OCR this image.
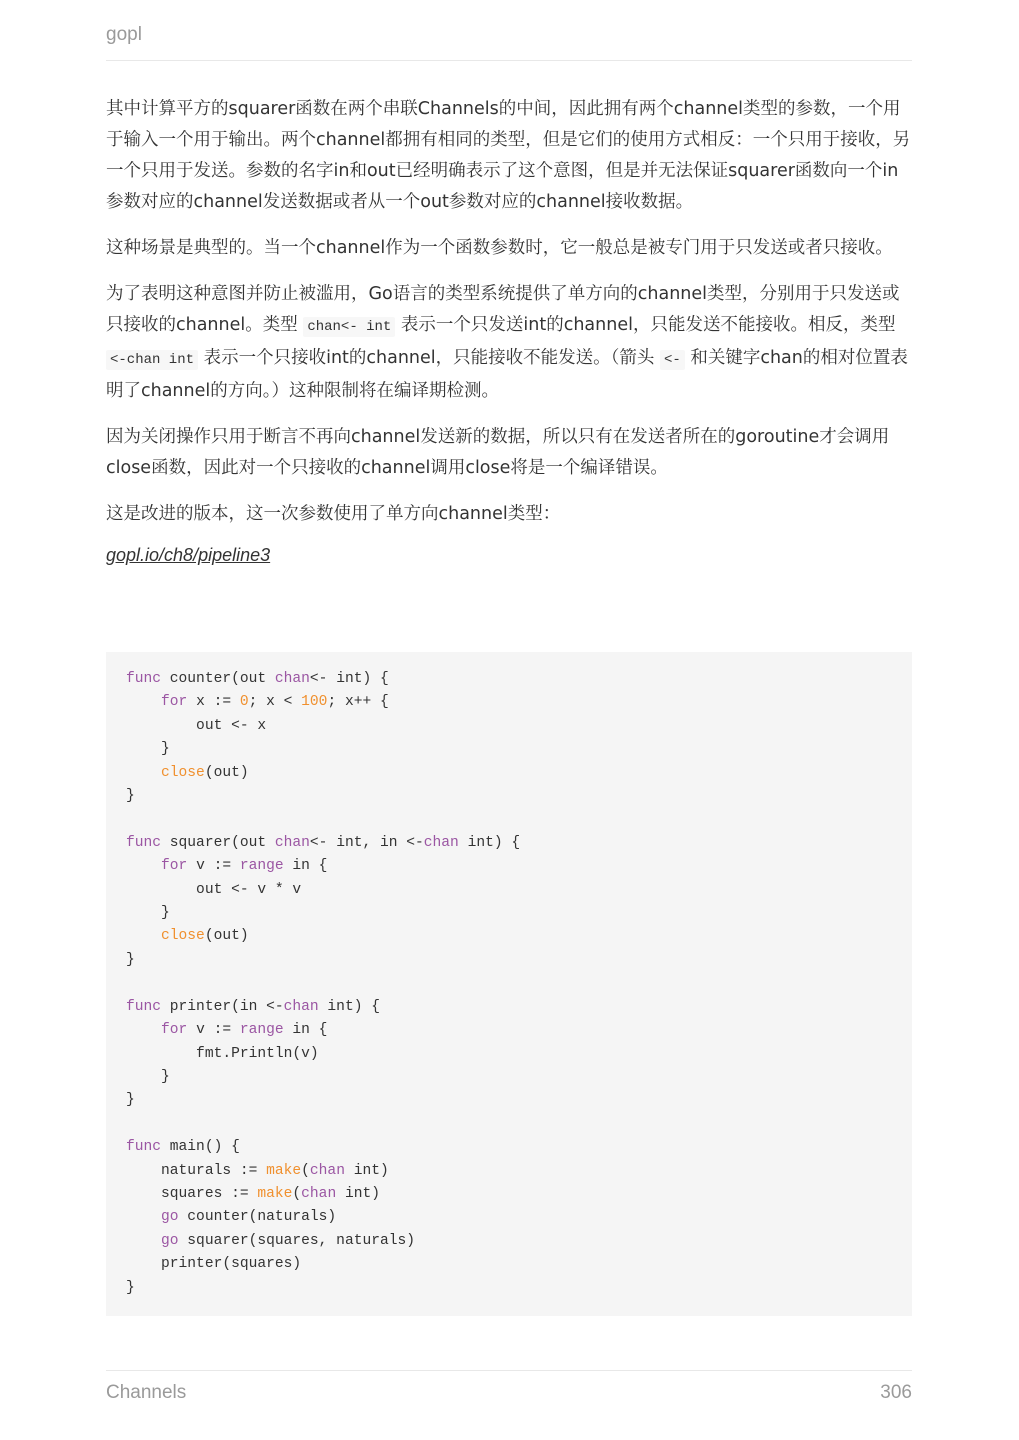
gopl

其中计算平方的squarer函数在两个串联Channels的中间，因此拥有两个channel类型的参数，一个用于输入一个用于输出。两个channel都拥有相同的类型，但是它们的使用方式相反：一个只用于接收，另一个只用于发送。参数的名字in和out已经明确表示了这个意图，但是并无法保证squarer函数向一个in参数对应的channel发送数据或者从一个out参数对应的channel接收数据。

这种场景是典型的。当一个channel作为一个函数参数时，它一般总是被专门用于只发送或者只接收。

为了表明这种意图并防止被滥用，Go语言的类型系统提供了单方向的channel类型，分别用于只发送或只接收的channel。类型 chan<- int 表示一个只发送int的channel，只能发送不能接收。相反，类型 <-chan int 表示一个只接收int的channel，只能接收不能发送。（箭头 <- 和关键字chan的相对位置表明了channel的方向。）这种限制将在编译期检测。

因为关闭操作只用于断言不再向channel发送新的数据，所以只有在发送者所在的goroutine才会调用close函数，因此对一个只接收的channel调用close将是一个编译错误。

这是改进的版本，这一次参数使用了单方向channel类型：

gopl.io/ch8/pipeline3
func counter(out chan<- int) {
for x := 0; x < 100; x++ {
out <- x
}
close(out)
}

func squarer(out chan<- int, in <-chan int) {
for v := range in {
out <- v * v
}
close(out)
}

func printer(in <-chan int) {
for v := range in {
fmt.Println(v)
}
}

func main() {
naturals := make(chan int)
squares := make(chan int)
go counter(naturals)
go squarer(squares, naturals)
printer(squares)
}
Channels	306
